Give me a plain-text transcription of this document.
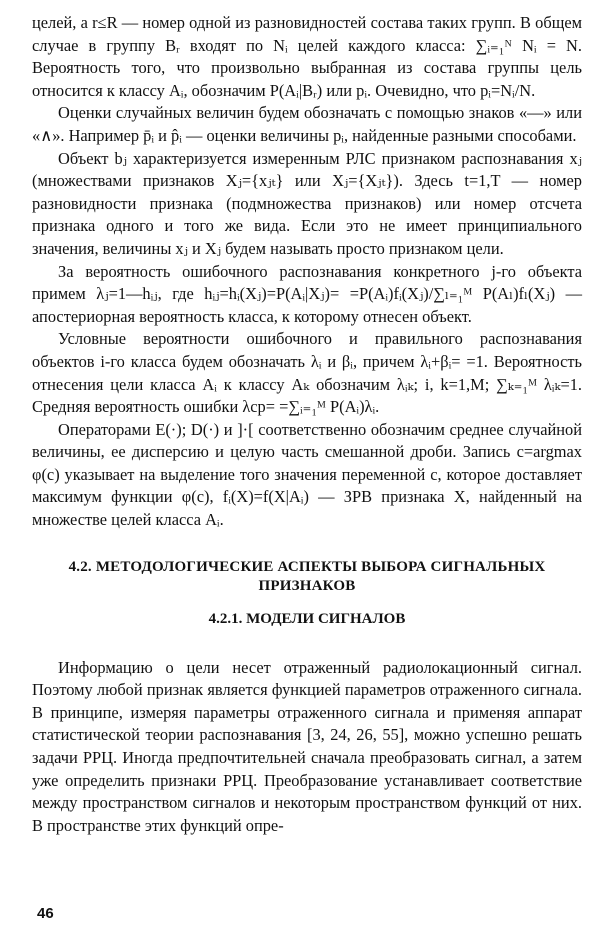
целей, а r≤R — номер одной из разновидностей состава таких групп. В общем случае в группу Bᵣ входят по Nᵢ целей каждого класса: ∑ᵢ₌₁ᴺ Nᵢ = N. Вероятность того, что произвольно выбранная из состава группы цель относится к классу Aᵢ, обозначим P(Aᵢ|Bᵣ) или pᵢ. Очевидно, что pᵢ=Nᵢ/N.

Оценки случайных величин будем обозначать с помощью знаков «—» или «∧». Например p̄ᵢ и p̂ᵢ — оценки величины pᵢ, найденные разными способами.

Объект bⱼ характеризуется измеренным РЛС признаком распознавания xⱼ (множествами признаков Xⱼ={xⱼₜ} или Xⱼ={Xⱼₜ}). Здесь t=1,T — номер разновидности признака (подмножества признаков) или номер отсчета признака одного и того же вида. Если это не имеет принципиального значения, величины xⱼ и Xⱼ будем называть просто признаком цели.

За вероятность ошибочного распознавания конкретного j-го объекта примем λⱼ=1—hᵢⱼ, где hᵢⱼ=hᵢ(Xⱼ)=P(Aᵢ|Xⱼ)= =P(Aᵢ)fᵢ(Xⱼ)/∑ₗ₌₁ᴹ P(Aₗ)fₗ(Xⱼ) — апостериорная вероятность класса, к которому отнесен объект.

Условные вероятности ошибочного и правильного распознавания объектов i-го класса будем обозначать λᵢ и βᵢ, причем λᵢ+βᵢ= =1. Вероятность отнесения цели класса Aᵢ к классу Aₖ обозначим λᵢₖ; i, k=1,M; ∑ₖ₌₁ᴹ λᵢₖ=1. Средняя вероятность ошибки λср= =∑ᵢ₌₁ᴹ P(Aᵢ)λᵢ.

Операторами E(·); D(·) и ]·[ соответственно обозначим среднее случайной величины, ее дисперсию и целую часть смешанной дроби. Запись c=argmax φ(c) указывает на выделение того значения переменной c, которое доставляет максимум функции φ(c), fᵢ(X)=f(X|Aᵢ) — ЗРВ признака X, найденный на множестве целей класса Aᵢ.

4.2. МЕТОДОЛОГИЧЕСКИЕ АСПЕКТЫ ВЫБОРА СИГНАЛЬНЫХ ПРИЗНАКОВ
4.2.1. МОДЕЛИ СИГНАЛОВ

Информацию о цели несет отраженный радиолокационный сигнал. Поэтому любой признак является функцией параметров отраженного сигнала. В принципе, измеряя параметры отраженного сигнала и применяя аппарат статистической теории распознавания [3, 24, 26, 55], можно успешно решать задачи РРЦ. Иногда предпочтительней сначала преобразовать сигнал, а затем уже определить признаки РРЦ. Преобразование устанавливает соответствие между пространством сигналов и некоторым пространством функций от них. В пространстве этих функций опре-

46
